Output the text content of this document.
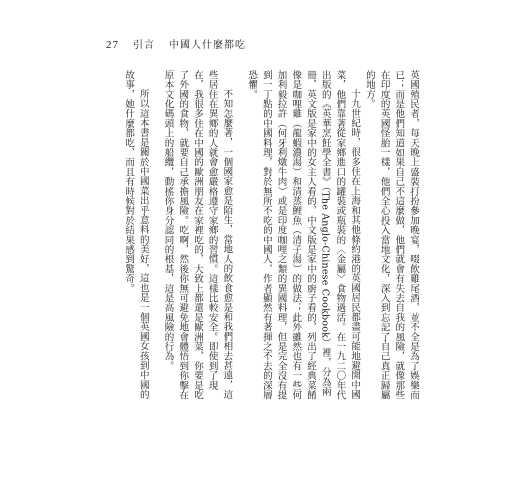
27 引言 中國人什麼都吃

英國殖民者，每天晚上盛裝打扮參加晚宴，啜飲雞尾酒，並不全是為了娛樂而已；而是他們知道如果自己不這麼做，他們就會有失去自我的風險，就像那些在印度的英國怪胎一樣，他們全心投入當地文化，深入到忘記了自己真正歸屬的地方。

十九世紀時，很多住在上海和其他條約港的英國居民都盡可能地避開中國菜，他們靠著從家鄉進口的罐裝或瓶裝的〈金屬〉食物過活。在一九二〇年代出版的《英華烹飪學全書》（The Anglo-Chinese Cookbook）裡，分為兩冊，英文版是家中的女主人看的，中文版是家中的廚子看的，列出了經典菜餚像是咖哩雞（龍蝦濃湯）和清蒸鯉魚（清子湯）的做法；此外雖然也有一些何加利毅拉許（何牙利燉牛肉）或是印度咖哩之類的異國料理，但是完全沒有提到一丁點的中國料理，對於無所不吃的中國人，作者顯然有著揮之不去的深層恐懼。

不知怎麼著，一個國家愈是陌生，當地人的飲食愈是和我們相去甚遠，這些居住在異鄉的人就會愈嚴格遵守家鄉的習慣。這樣比較安全。即使到了現在，我很多住在中國的歐洲朋友在家裡吃的，大致上都還是歐洲菜，你要是吃了外國的食物，就要自己承擔風險。吃啊，然後你無可避免地會體悟到你擊在原本文化碼頭上的船纜，動搖你身分認同的根基，這是高風險的行為。

所以這本書是關於中國菜出乎意料的美好，這也是一個英國女孩到中國的故事，她什麼都吃，而且有時候對於結果感到驚奇。
